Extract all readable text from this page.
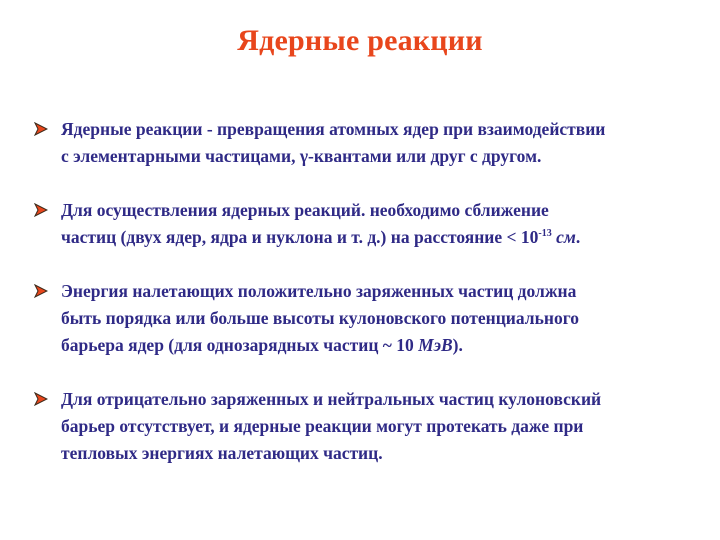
Ядерные реакции
Ядерные реакции - превращения атомных ядер при взаимодействии
с элементарными частицами, γ-квантами или друг с другом.
Для осуществления ядерных реакций. необходимо сближение
частиц (двух ядер, ядра и нуклона и т. д.) на расстояние < $10^{-13}$ см.
Энергия налетающих положительно заряженных частиц должна
быть порядка или больше высоты кулоновского потенциального
барьера ядер (для однозарядных частиц ~ 10 МэВ).
Для отрицательно заряженных и нейтральных частиц кулоновский
барьер отсутствует, и ядерные реакции могут протекать даже при
тепловых энергиях налетающих частиц.
